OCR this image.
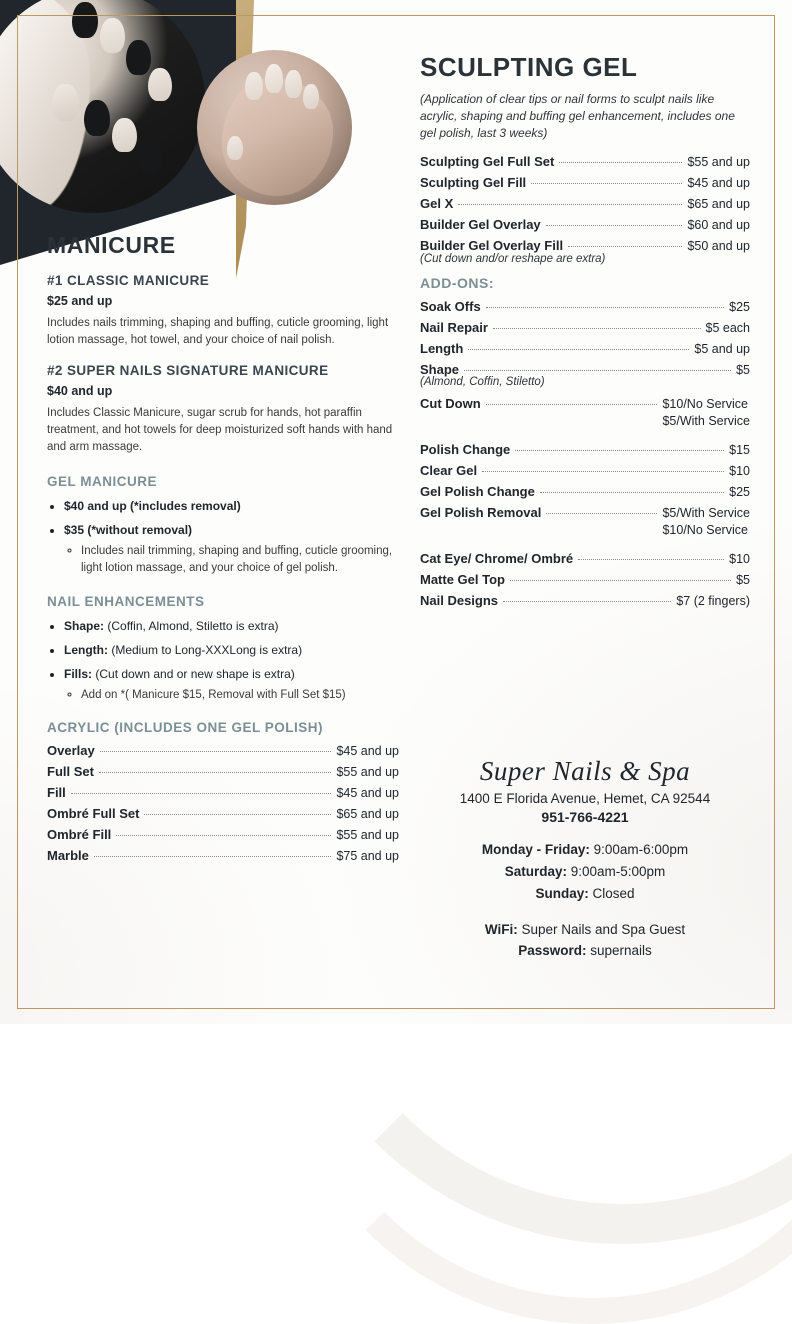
MANICURE
#1 CLASSIC MANICURE

$25 and up

Includes nails trimming, shaping and buffing, cuticle grooming, light lotion massage, hot towel, and your choice of nail polish.

#2 SUPER NAILS SIGNATURE MANICURE

$40 and up

Includes Classic Manicure, sugar scrub for hands, hot paraffin treatment, and hot towels for deep moisturized soft hands with hand and arm massage.

GEL MANICURE
• $40 and up (*includes removal)
• $35 (*without removal)
◦ Includes nail trimming, shaping and buffing, cuticle grooming, light lotion massage, and your choice of gel polish.
NAIL ENHANCEMENTS
• Shape: (Coffin, Almond, Stiletto is extra)
• Length: (Medium to Long-XXXLong is extra)
• Fills: (Cut down and or new shape is extra)
◦ Add on *( Manicure $15, Removal with Full Set $15)
ACRYLIC (INCLUDES ONE GEL POLISH)
Overlay	$45 and up
Full Set	$55 and up
Fill	$45 and up
Ombré Full Set	$65 and up
Ombré Fill	$55 and up
Marble	$75 and up
SCULPTING GEL

(Application of clear tips or nail forms to sculpt nails like acrylic, shaping and buffing gel enhancement, includes one gel polish, last 3 weeks)

Sculpting Gel Full Set	$55 and up
Sculpting Gel Fill	$45 and up
Gel X	$65 and up
Builder Gel Overlay	$60 and up
Builder Gel Overlay Fill	$50 and up

(Cut down and/or reshape are extra)

ADD-ONS:
Soak Offs	$25
Nail Repair	$5 each
Length	$5 and up
Shape	$5

(Almond, Coffin, Stiletto)

Cut Down	$10/No Service
$5/With Service
Polish Change	$15
Clear Gel	$10
Gel Polish Change	$25
Gel Polish Removal	$5/With Service
$10/No Service
Cat Eye/ Chrome/ Ombré	$10
Matte Gel Top	$5
Nail Designs	$7 (2 fingers)

Super Nails & Spa

1400 E Florida Avenue, Hemet, CA 92544

951-766-4221

Monday - Friday: 9:00am-6:00pm
Saturday: 9:00am-5:00pm
Sunday: Closed
WiFi: Super Nails and Spa Guest
Password: supernails
